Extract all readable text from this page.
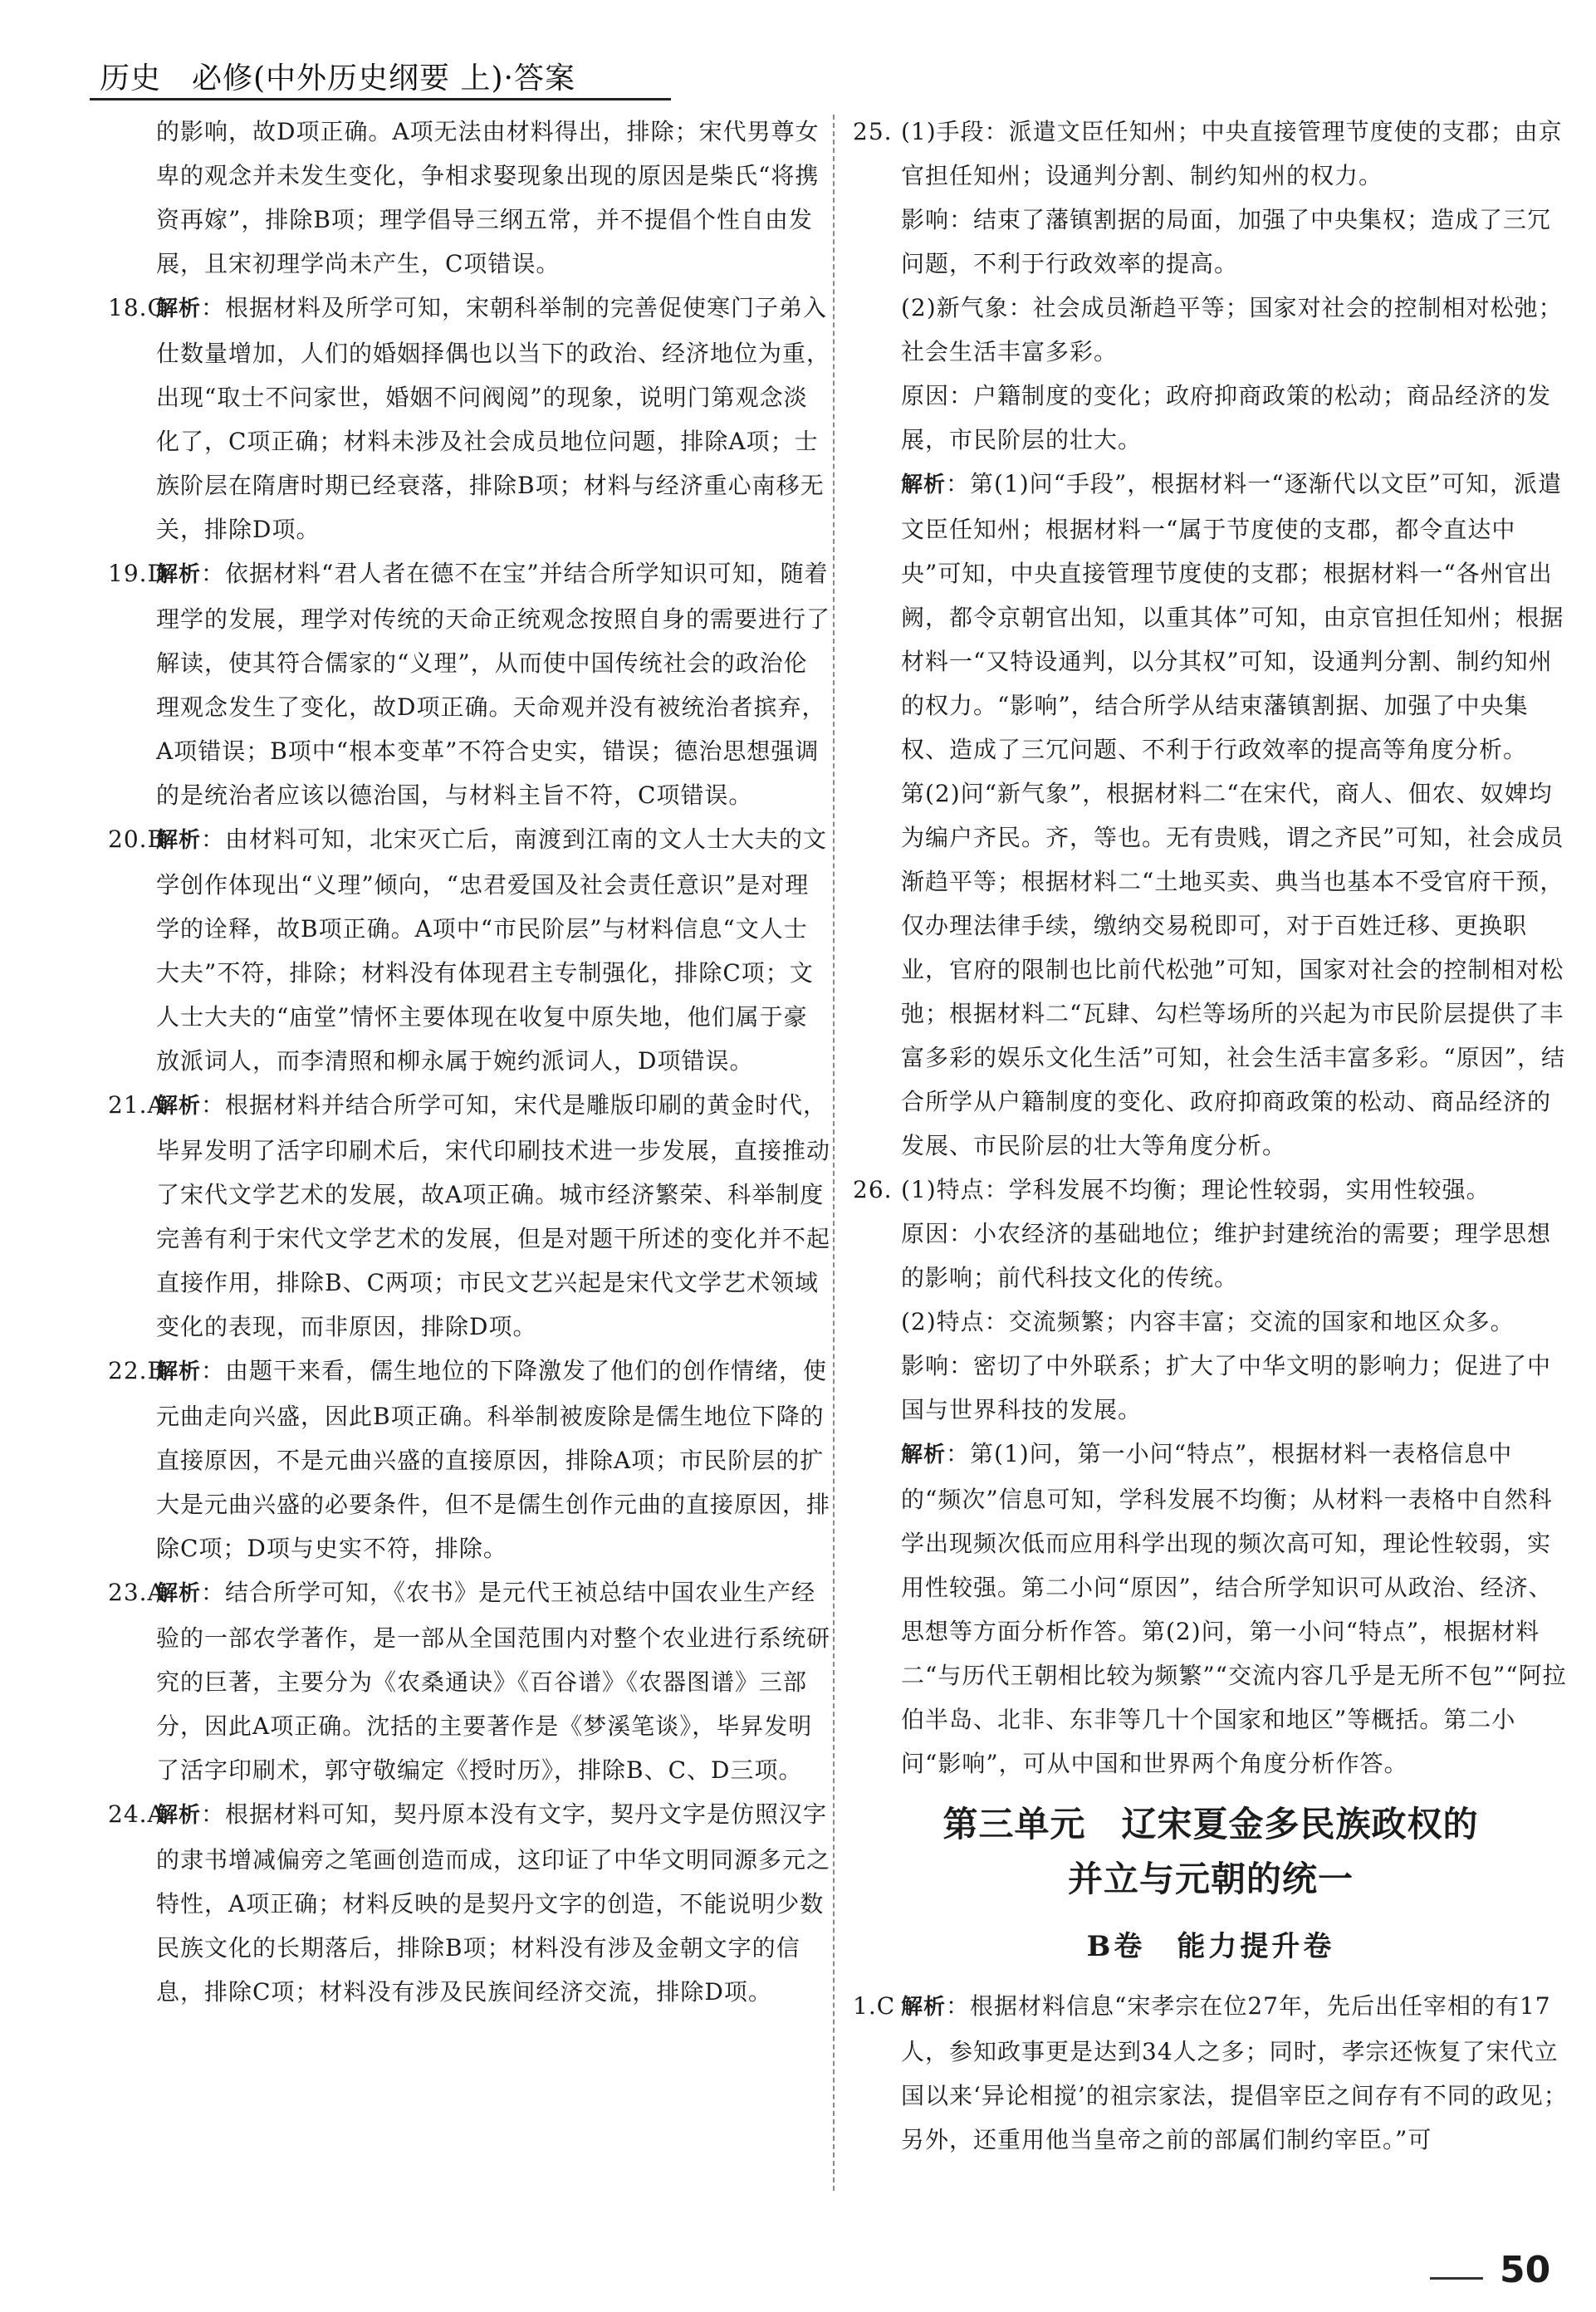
历史　必修(中外历史纲要 上)·答案

的影响，故D项正确。A项无法由材料得出，排除；宋代男尊女卑的观念并未发生变化，争相求娶现象出现的原因是柴氏“将携资再嫁”，排除B项；理学倡导三纲五常，并不提倡个性自由发展，且宋初理学尚未产生，C项错误。

18.C
解析：根据材料及所学可知，宋朝科举制的完善促使寒门子弟入仕数量增加，人们的婚姻择偶也以当下的政治、经济地位为重，出现“取士不问家世，婚姻不问阀阅”的现象，说明门第观念淡化了，C项正确；材料未涉及社会成员地位问题，排除A项；士族阶层在隋唐时期已经衰落，排除B项；材料与经济重心南移无关，排除D项。
19.D
解析：依据材料“君人者在德不在宝”并结合所学知识可知，随着理学的发展，理学对传统的天命正统观念按照自身的需要进行了解读，使其符合儒家的“义理”，从而使中国传统社会的政治伦理观念发生了变化，故D项正确。天命观并没有被统治者摈弃，A项错误；B项中“根本变革”不符合史实，错误；德治思想强调的是统治者应该以德治国，与材料主旨不符，C项错误。
20.B
解析：由材料可知，北宋灭亡后，南渡到江南的文人士大夫的文学创作体现出“义理”倾向，“忠君爱国及社会责任意识”是对理学的诠释，故B项正确。A项中“市民阶层”与材料信息“文人士大夫”不符，排除；材料没有体现君主专制强化，排除C项；文人士大夫的“庙堂”情怀主要体现在收复中原失地，他们属于豪放派词人，而李清照和柳永属于婉约派词人，D项错误。
21.A
解析：根据材料并结合所学可知，宋代是雕版印刷的黄金时代，毕昇发明了活字印刷术后，宋代印刷技术进一步发展，直接推动了宋代文学艺术的发展，故A项正确。城市经济繁荣、科举制度完善有利于宋代文学艺术的发展，但是对题干所述的变化并不起直接作用，排除B、C两项；市民文艺兴起是宋代文学艺术领域变化的表现，而非原因，排除D项。
22.B
解析：由题干来看，儒生地位的下降激发了他们的创作情绪，使元曲走向兴盛，因此B项正确。科举制被废除是儒生地位下降的直接原因，不是元曲兴盛的直接原因，排除A项；市民阶层的扩大是元曲兴盛的必要条件，但不是儒生创作元曲的直接原因，排除C项；D项与史实不符，排除。
23.A
解析：结合所学可知，《农书》是元代王祯总结中国农业生产经验的一部农学著作，是一部从全国范围内对整个农业进行系统研究的巨著，主要分为《农桑通诀》《百谷谱》《农器图谱》三部分，因此A项正确。沈括的主要著作是《梦溪笔谈》，毕昇发明了活字印刷术，郭守敬编定《授时历》，排除B、C、D三项。
24.A
解析：根据材料可知，契丹原本没有文字，契丹文字是仿照汉字的隶书增减偏旁之笔画创造而成，这印证了中华文明同源多元之特性，A项正确；材料反映的是契丹文字的创造，不能说明少数民族文化的长期落后，排除B项；材料没有涉及金朝文字的信息，排除C项；材料没有涉及民族间经济交流，排除D项。
25. (1)手段：派遣文臣任知州；中央直接管理节度使的支郡；由京官担任知州；设通判分割、制约知州的权力。

影响：结束了藩镇割据的局面，加强了中央集权；造成了三冗问题，不利于行政效率的提高。

(2)新气象：社会成员渐趋平等；国家对社会的控制相对松弛；社会生活丰富多彩。

原因：户籍制度的变化；政府抑商政策的松动；商品经济的发展，市民阶层的壮大。

解析：第(1)问“手段”，根据材料一“逐渐代以文臣”可知，派遣文臣任知州；根据材料一“属于节度使的支郡，都令直达中央”可知，中央直接管理节度使的支郡；根据材料一“各州官出阙，都令京朝官出知，以重其体”可知，由京官担任知州；根据材料一“又特设通判，以分其权”可知，设通判分割、制约知州的权力。“影响”，结合所学从结束藩镇割据、加强了中央集权、造成了三冗问题、不利于行政效率的提高等角度分析。

第(2)问“新气象”，根据材料二“在宋代，商人、佃农、奴婢均为编户齐民。齐，等也。无有贵贱，谓之齐民”可知，社会成员渐趋平等；根据材料二“土地买卖、典当也基本不受官府干预，仅办理法律手续，缴纳交易税即可，对于百姓迁移、更换职业，官府的限制也比前代松弛”可知，国家对社会的控制相对松弛；根据材料二“瓦肆、勾栏等场所的兴起为市民阶层提供了丰富多彩的娱乐文化生活”可知，社会生活丰富多彩。“原因”，结合所学从户籍制度的变化、政府抑商政策的松动、商品经济的发展、市民阶层的壮大等角度分析。

26. (1)特点：学科发展不均衡；理论性较弱，实用性较强。

原因：小农经济的基础地位；维护封建统治的需要；理学思想的影响；前代科技文化的传统。

(2)特点：交流频繁；内容丰富；交流的国家和地区众多。

影响：密切了中外联系；扩大了中华文明的影响力；促进了中国与世界科技的发展。

解析：第(1)问，第一小问“特点”，根据材料一表格信息中的“频次”信息可知，学科发展不均衡；从材料一表格中自然科学出现频次低而应用科学出现的频次高可知，理论性较弱，实用性较强。第二小问“原因”，结合所学知识可从政治、经济、思想等方面分析作答。第(2)问，第一小问“特点”，根据材料二“与历代王朝相比较为频繁”“交流内容几乎是无所不包”“阿拉伯半岛、北非、东非等几十个国家和地区”等概括。第二小问“影响”，可从中国和世界两个角度分析作答。

第三单元　辽宋夏金多民族政权的
并立与元朝的统一
B卷　能力提升卷
1.C 解析：根据材料信息“宋孝宗在位27年，先后出任宰相的有17人，参知政事更是达到34人之多；同时，孝宗还恢复了宋代立国以来‘异论相搅’的祖宗家法，提倡宰臣之间存有不同的政见；另外，还重用他当皇帝之前的部属们制约宰臣。”可
50
